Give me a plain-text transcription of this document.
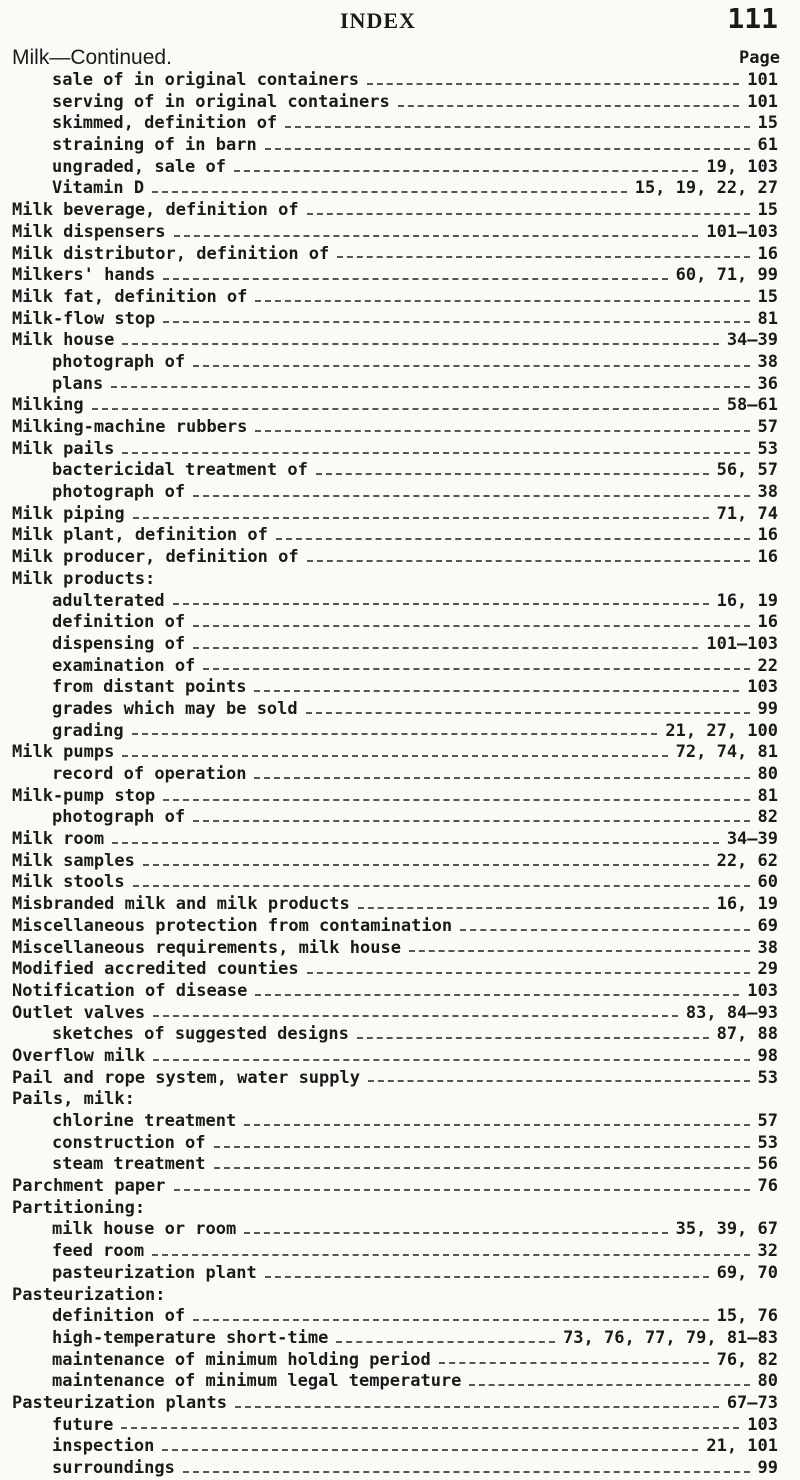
INDEX	111
Milk—Continued.	Page
sale of in original containers	101
serving of in original containers	101
skimmed, definition of	15
straining of in barn	61
ungraded, sale of	19, 103
Vitamin D	15, 19, 22, 27
Milk beverage, definition of	15
Milk dispensers	101–103
Milk distributor, definition of	16
Milkers' hands	60, 71, 99
Milk fat, definition of	15
Milk-flow stop	81
Milk house	34–39
photograph of	38
plans	36
Milking	58–61
Milking-machine rubbers	57
Milk pails	53
bactericidal treatment of	56, 57
photograph of	38
Milk piping	71, 74
Milk plant, definition of	16
Milk producer, definition of	16
Milk products:
adulterated	16, 19
definition of	16
dispensing of	101–103
examination of	22
from distant points	103
grades which may be sold	99
grading	21, 27, 100
Milk pumps	72, 74, 81
record of operation	80
Milk-pump stop	81
photograph of	82
Milk room	34–39
Milk samples	22, 62
Milk stools	60
Misbranded milk and milk products	16, 19
Miscellaneous protection from contamination	69
Miscellaneous requirements, milk house	38
Modified accredited counties	29
Notification of disease	103
Outlet valves	83, 84–93
sketches of suggested designs	87, 88
Overflow milk	98
Pail and rope system, water supply	53
Pails, milk:
chlorine treatment	57
construction of	53
steam treatment	56
Parchment paper	76
Partitioning:
milk house or room	35, 39, 67
feed room	32
pasteurization plant	69, 70
Pasteurization:
definition of	15, 76
high-temperature short-time	73, 76, 77, 79, 81–83
maintenance of minimum holding period	76, 82
maintenance of minimum legal temperature	80
Pasteurization plants	67–73
future	103
inspection	21, 101
surroundings	99
